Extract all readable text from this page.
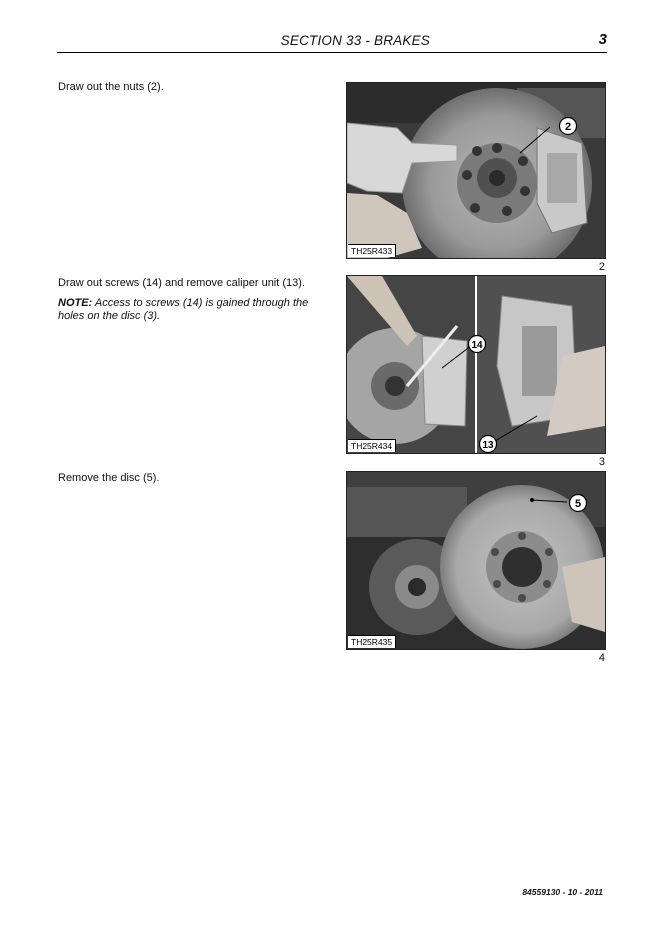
SECTION 33 - BRAKES	3
Draw out the nuts (2).
2
TH25R433
2
Draw out screws (14) and remove caliper unit (13).
NOTE: Access to screws (14) is gained through the holes on the disc (3).
14
13
TH25R434
3
Remove the disc (5).
5
TH25R435
4
84559130 - 10 - 2011
